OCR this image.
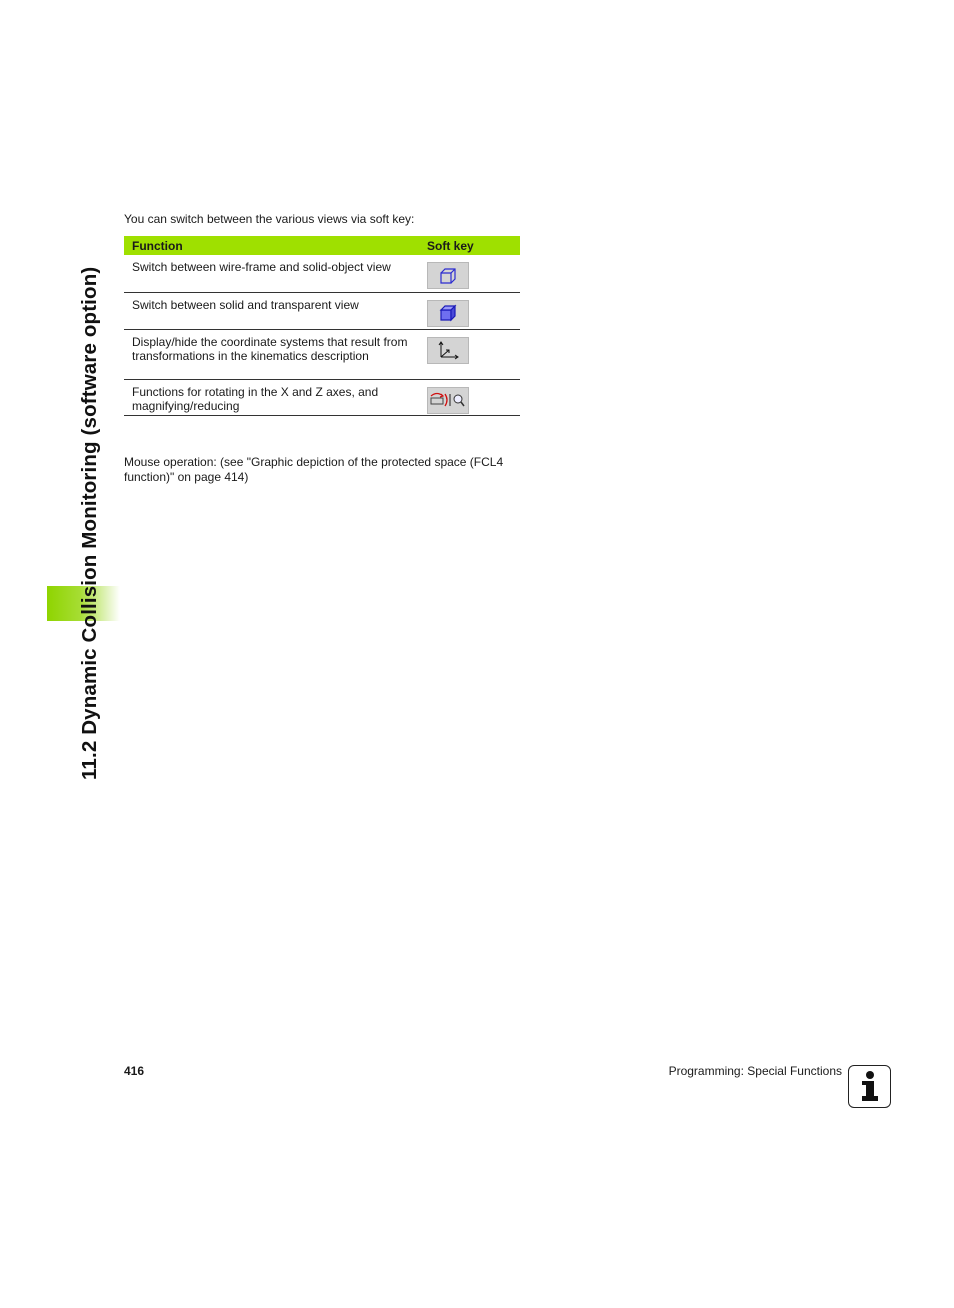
11.2 Dynamic Collision Monitoring (software option)
You can switch between the various views via soft key:
Function	Soft key
Switch between wire-frame and solid-object view	

Switch between solid and transparent view	

Display/hide the coordinate systems that result from transformations in the kinematics description	

Functions for rotating in the X and Z axes, and magnifying/reducing	
Mouse operation: (see "Graphic depiction of the protected space (FCL4 function)" on page 414)
416	Programming: Special Functions
